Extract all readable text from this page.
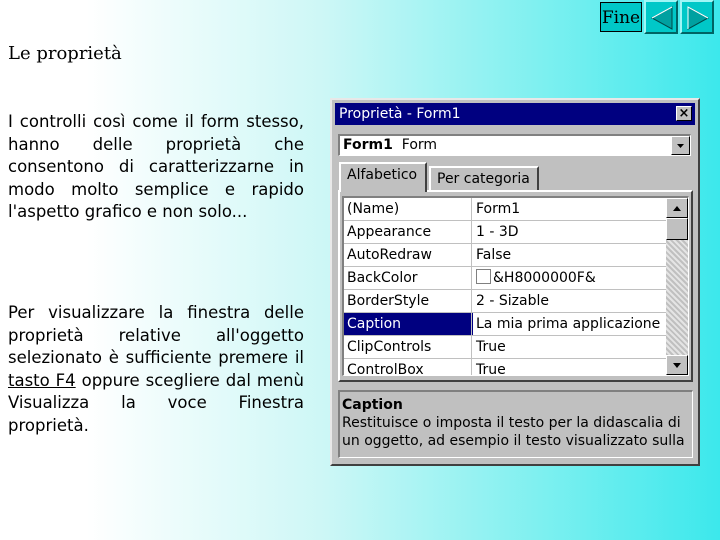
Fine
Le proprietà

I controlli così come il form stesso, hanno delle proprietà che consentono di caratterizzarne in modo molto semplice e rapido l'aspetto grafico e non solo...

Per visualizzare la finestra delle proprietà relative all'oggetto selezionato è sufficiente premere il tasto F4 oppure scegliere dal menù Visualizza la voce Finestra proprietà.

Proprietà - Form1	×
Form1 Form
Alfabetico	Per categoria
(Name)	Form1
Appearance	1 - 3D
AutoRedraw	False
BackColor	&H8000000F&
BorderStyle	2 - Sizable
Caption	La mia prima applicazione
ClipControls	True
ControlBox	True
Caption
Restituisce o imposta il testo per la didascalia di un oggetto, ad esempio il testo visualizzato sulla
